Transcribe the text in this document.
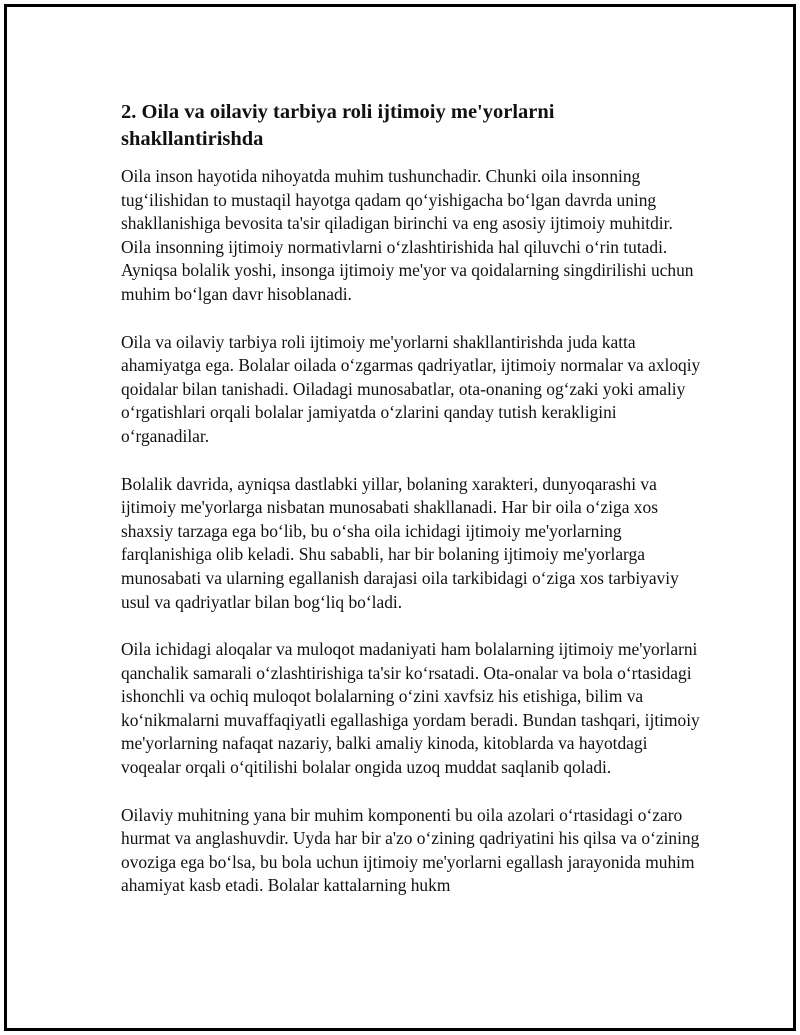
2. Oila va oilaviy tarbiya roli ijtimoiy me'yorlarni shakllantirishda

Oila inson hayotida nihoyatda muhim tushunchadir. Chunki oila insonning tug‘ilishidan to mustaqil hayotga qadam qo‘yishigacha bo‘lgan davrda uning shakllanishiga bevosita ta'sir qiladigan birinchi va eng asosiy ijtimoiy muhitdir. Oila insonning ijtimoiy normativlarni o‘zlashtirishida hal qiluvchi o‘rin tutadi. Ayniqsa bolalik yoshi, insonga ijtimoiy me'yor va qoidalarning singdirilishi uchun muhim bo‘lgan davr hisoblanadi.

Oila va oilaviy tarbiya roli ijtimoiy me'yorlarni shakllantirishda juda katta ahamiyatga ega. Bolalar oilada o‘zgarmas qadriyatlar, ijtimoiy normalar va axloqiy qoidalar bilan tanishadi. Oiladagi munosabatlar, ota-onaning og‘zaki yoki amaliy o‘rgatishlari orqali bolalar jamiyatda o‘zlarini qanday tutish kerakligini o‘rganadilar.

Bolalik davrida, ayniqsa dastlabki yillar, bolaning xarakteri, dunyoqarashi va ijtimoiy me'yorlarga nisbatan munosabati shakllanadi. Har bir oila o‘ziga xos shaxsiy tarzaga ega bo‘lib, bu o‘sha oila ichidagi ijtimoiy me'yorlarning farqlanishiga olib keladi. Shu sababli, har bir bolaning ijtimoiy me'yorlarga munosabati va ularning egallanish darajasi oila tarkibidagi o‘ziga xos tarbiyaviy usul va qadriyatlar bilan bog‘liq bo‘ladi.

Oila ichidagi aloqalar va muloqot madaniyati ham bolalarning ijtimoiy me'yorlarni qanchalik samarali o‘zlashtirishiga ta'sir ko‘rsatadi. Ota-onalar va bola o‘rtasidagi ishonchli va ochiq muloqot bolalarning o‘zini xavfsiz his etishiga, bilim va ko‘nikmalarni muvaffaqiyatli egallashiga yordam beradi. Bundan tashqari, ijtimoiy me'yorlarning nafaqat nazariy, balki amaliy kinoda, kitoblarda va hayotdagi voqealar orqali o‘qitilishi bolalar ongida uzoq muddat saqlanib qoladi.

Oilaviy muhitning yana bir muhim komponenti bu oila azolari o‘rtasidagi o‘zaro hurmat va anglashuvdir. Uyda har bir a'zo o‘zining qadriyatini his qilsa va o‘zining ovoziga ega bo‘lsa, bu bola uchun ijtimoiy me'yorlarni egallash jarayonida muhim ahamiyat kasb etadi. Bolalar kattalarning hukm
